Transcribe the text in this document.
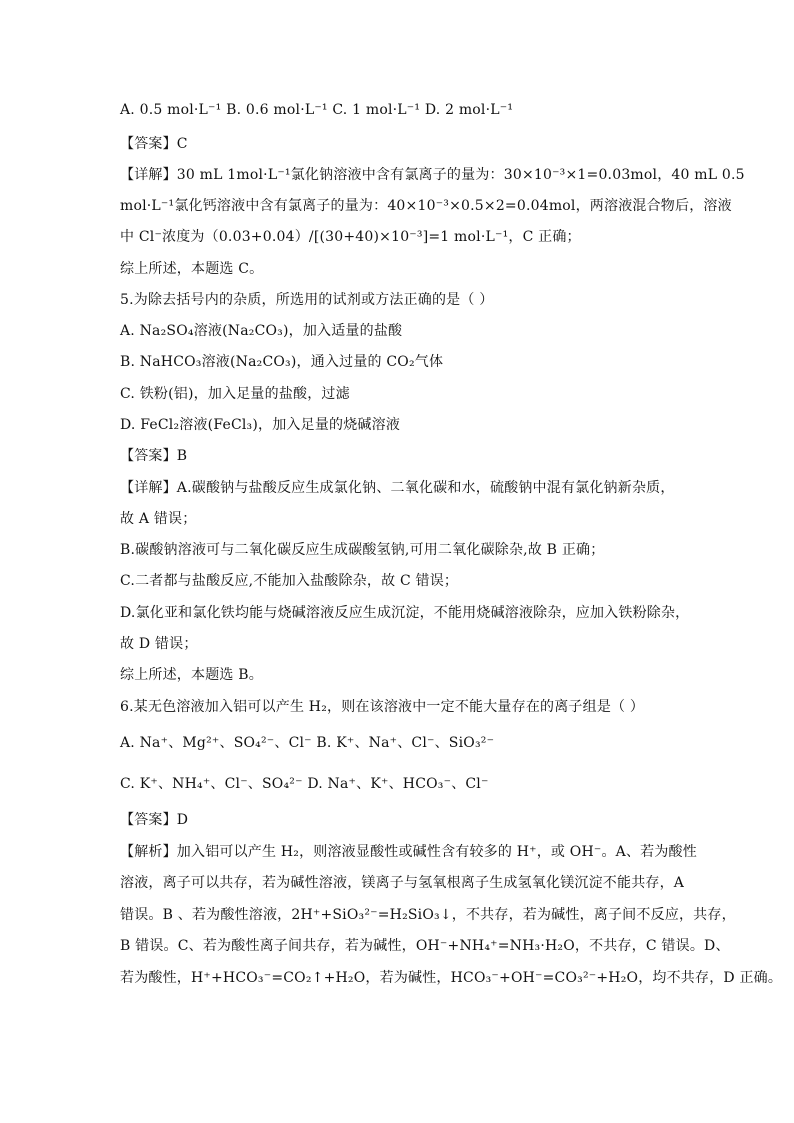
A. 0.5 mol·L⁻¹ B. 0.6 mol·L⁻¹ C. 1 mol·L⁻¹ D. 2 mol·L⁻¹
【答案】C
【详解】30 mL 1mol·L⁻¹氯化钠溶液中含有氯离子的量为：30×10⁻³×1=0.03mol，40 mL 0.5
mol·L⁻¹氯化钙溶液中含有氯离子的量为：40×10⁻³×0.5×2=0.04mol，两溶液混合物后，溶液
中 Cl⁻浓度为（0.03+0.04）/[(30+40)×10⁻³]=1 mol·L⁻¹，C 正确；
综上所述，本题选 C。
5.为除去括号内的杂质，所选用的试剂或方法正确的是（ ）
A. Na₂SO₄溶液(Na₂CO₃)，加入适量的盐酸
B. NaHCO₃溶液(Na₂CO₃)，通入过量的 CO₂气体
C. 铁粉(铝)，加入足量的盐酸，过滤
D. FeCl₂溶液(FeCl₃)，加入足量的烧碱溶液
【答案】B
【详解】A.碳酸钠与盐酸反应生成氯化钠、二氧化碳和水，硫酸钠中混有氯化钠新杂质，
故 A 错误；
B.碳酸钠溶液可与二氧化碳反应生成碳酸氢钠,可用二氧化碳除杂,故 B 正确；
C.二者都与盐酸反应,不能加入盐酸除杂，故 C 错误；
D.氯化亚和氯化铁均能与烧碱溶液反应生成沉淀，不能用烧碱溶液除杂，应加入铁粉除杂，
故 D 错误；
综上所述，本题选 B。
6.某无色溶液加入铝可以产生 H₂，则在该溶液中一定不能大量存在的离子组是（ ）
A. Na⁺、Mg²⁺、SO₄²⁻、Cl⁻ B. K⁺、Na⁺、Cl⁻、SiO₃²⁻
C. K⁺、NH₄⁺、Cl⁻、SO₄²⁻ D. Na⁺、K⁺、HCO₃⁻、Cl⁻
【答案】D
【解析】加入铝可以产生 H₂，则溶液显酸性或碱性含有较多的 H⁺，或 OH⁻。A、若为酸性
溶液，离子可以共存，若为碱性溶液，镁离子与氢氧根离子生成氢氧化镁沉淀不能共存，A
错误。B 、若为酸性溶液，2H⁺+SiO₃²⁻=H₂SiO₃↓，不共存，若为碱性，离子间不反应，共存，
B 错误。C、若为酸性离子间共存，若为碱性，OH⁻+NH₄⁺=NH₃·H₂O，不共存，C 错误。D、
若为酸性，H⁺+HCO₃⁻=CO₂↑+H₂O，若为碱性，HCO₃⁻+OH⁻=CO₃²⁻+H₂O，均不共存，D 正确。
